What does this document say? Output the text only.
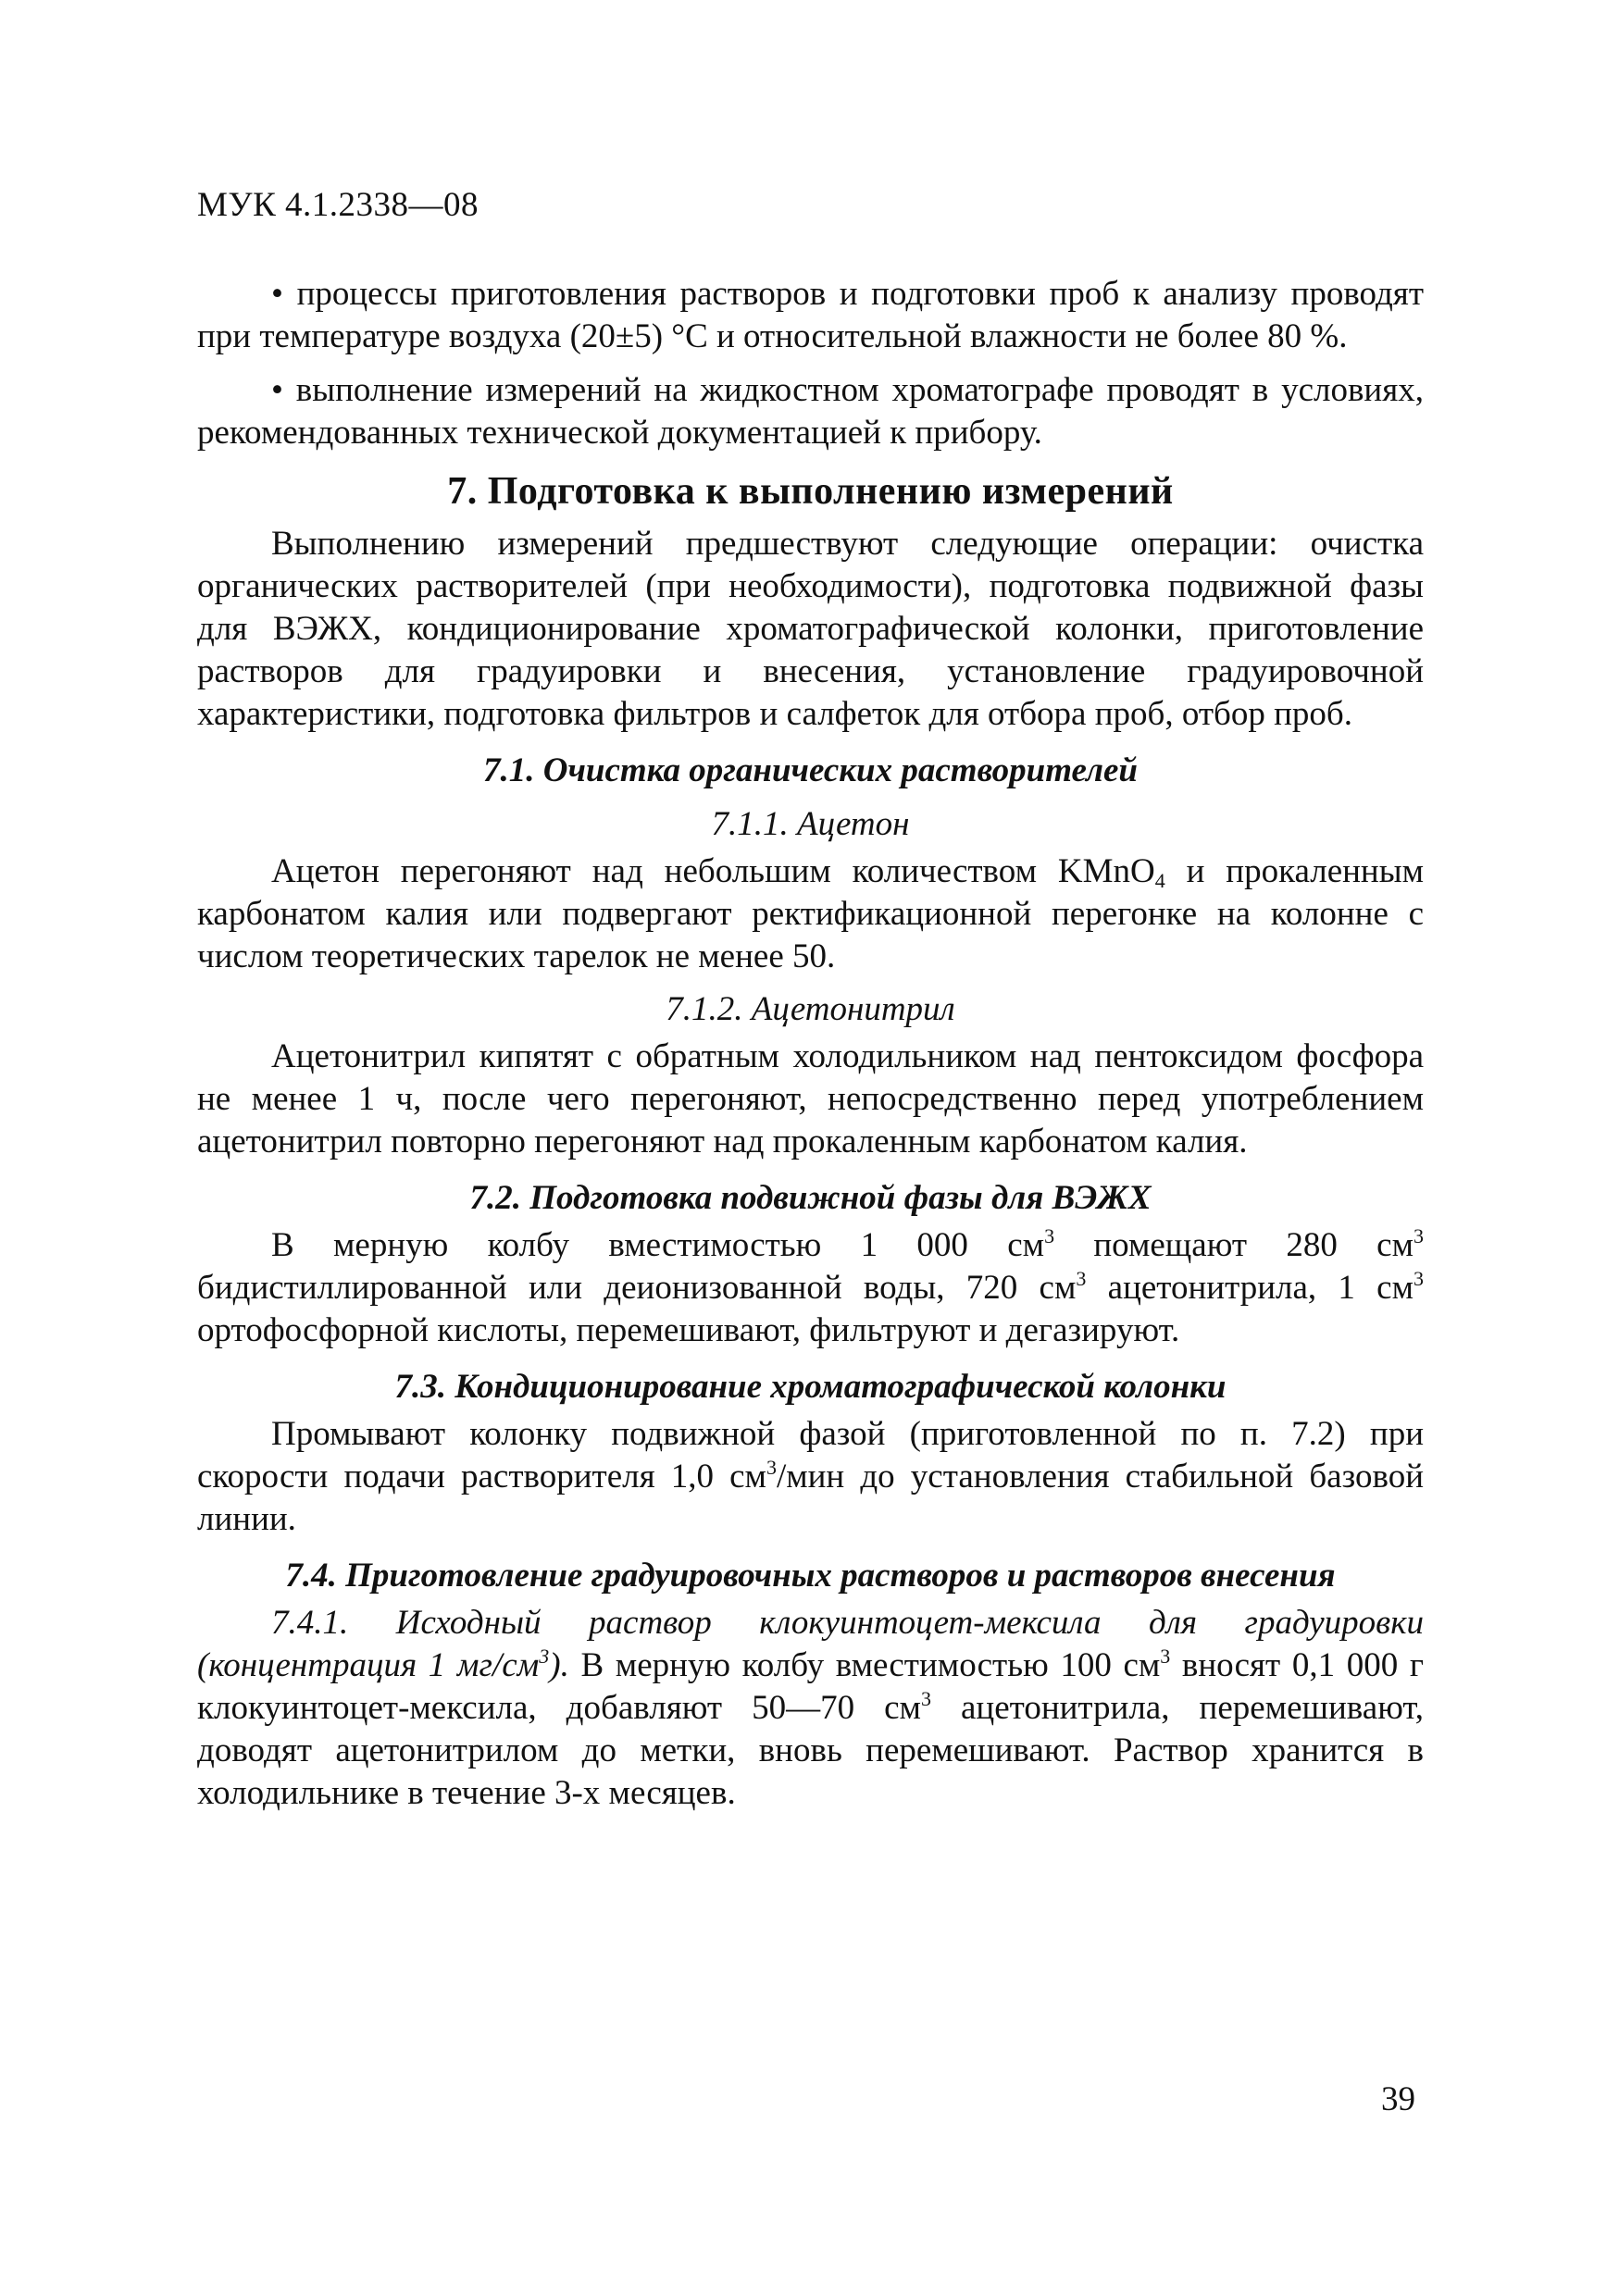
МУК 4.1.2338—08

• процессы приготовления растворов и подготовки проб к анализу проводят при температуре воздуха (20±5) °С и относительной влажности не более 80 %.

• выполнение измерений на жидкостном хроматографе проводят в условиях, рекомендованных технической документацией к прибору.

7. Подготовка к выполнению измерений

Выполнению измерений предшествуют следующие операции: очистка органических растворителей (при необходимости), подготовка подвижной фазы для ВЭЖХ, кондиционирование хроматографической колонки, приготовление растворов для градуировки и внесения, установление градуировочной характеристики, подготовка фильтров и салфеток для отбора проб, отбор проб.

7.1. Очистка органических растворителей
7.1.1. Ацетон

Ацетон перегоняют над небольшим количеством KMnO$_4$ и прокаленным карбонатом калия или подвергают ректификационной перегонке на колонне с числом теоретических тарелок не менее 50.

7.1.2. Ацетонитрил

Ацетонитрил кипятят с обратным холодильником над пентоксидом фосфора не менее 1 ч, после чего перегоняют, непосредственно перед употреблением ацетонитрил повторно перегоняют над прокаленным карбонатом калия.

7.2. Подготовка подвижной фазы для ВЭЖХ

В мерную колбу вместимостью 1 000 $см^3$ помещают 280 $см^3$ бидистиллированной или деионизованной воды, 720 $см^3$ ацетонитрила, 1 $см^3$ ортофосфорной кислоты, перемешивают, фильтруют и дегазируют.

7.3. Кондиционирование хроматографической колонки

Промывают колонку подвижной фазой (приготовленной по п. 7.2) при скорости подачи растворителя 1,0 $см^3$/мин до установления стабильной базовой линии.

7.4. Приготовление градуировочных растворов и растворов внесения

7.4.1. Исходный раствор клокуинтоцет-мексила для градуировки (концентрация 1 $мг/см^3$). В мерную колбу вместимостью 100 $см^3$ вносят 0,1 000 г клокуинтоцет-мексила, добавляют 50—70 $см^3$ ацетонитрила, перемешивают, доводят ацетонитрилом до метки, вновь перемешивают. Раствор хранится в холодильнике в течение 3-х месяцев.

39
